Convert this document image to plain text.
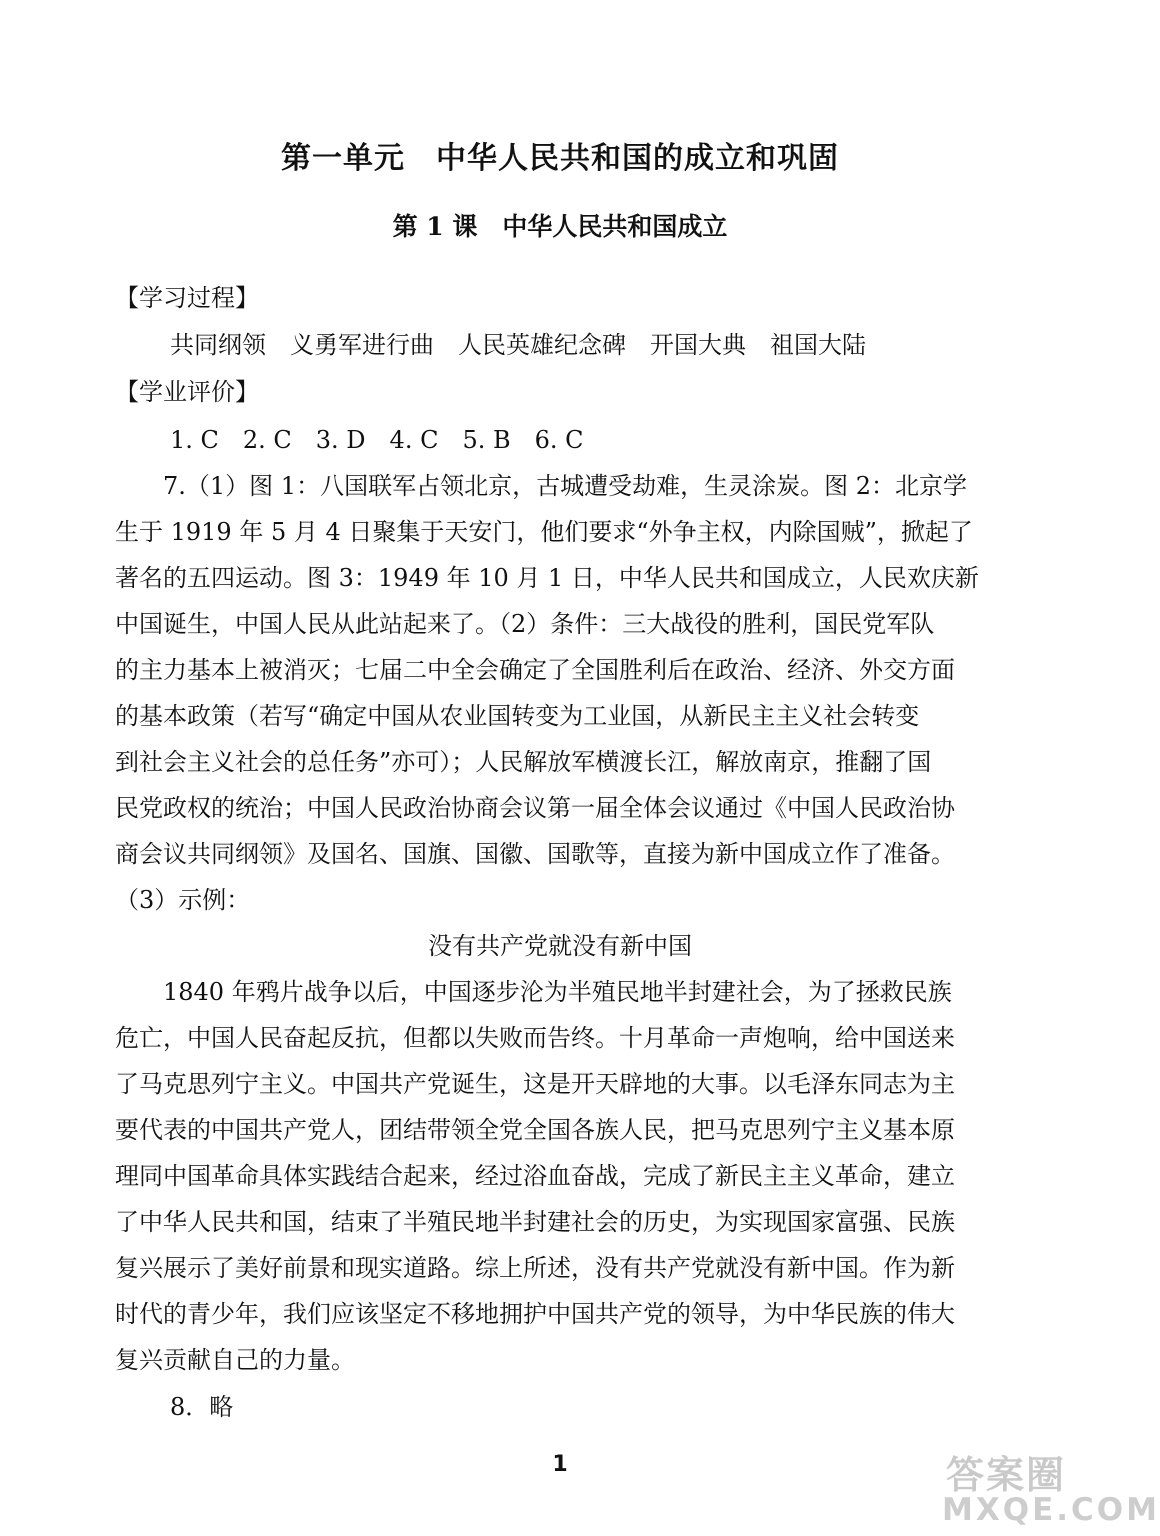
第一单元　中华人民共和国的成立和巩固
第 1 课　中华人民共和国成立
【学习过程】
共同纲领　义勇军进行曲　人民英雄纪念碑　开国大典　祖国大陆
【学业评价】
1. C　2. C　3. D　4. C　5. B　6. C
　　7.（1）图 1：八国联军占领北京，古城遭受劫难，生灵涂炭。图 2：北京学
生于 1919 年 5 月 4 日聚集于天安门，他们要求“外争主权，内除国贼”，掀起了
著名的五四运动。图 3：1949 年 10 月 1 日，中华人民共和国成立，人民欢庆新
中国诞生，中国人民从此站起来了。（2）条件：三大战役的胜利，国民党军队
的主力基本上被消灭；七届二中全会确定了全国胜利后在政治、经济、外交方面
的基本政策（若写“确定中国从农业国转变为工业国，从新民主主义社会转变
到社会主义社会的总任务”亦可）；人民解放军横渡长江，解放南京，推翻了国
民党政权的统治；中国人民政治协商会议第一届全体会议通过《中国人民政治协
商会议共同纲领》及国名、国旗、国徽、国歌等，直接为新中国成立作了准备。
（3）示例：
没有共产党就没有新中国
　　1840 年鸦片战争以后，中国逐步沦为半殖民地半封建社会，为了拯救民族
危亡，中国人民奋起反抗，但都以失败而告终。十月革命一声炮响，给中国送来
了马克思列宁主义。中国共产党诞生，这是开天辟地的大事。以毛泽东同志为主
要代表的中国共产党人，团结带领全党全国各族人民，把马克思列宁主义基本原
理同中国革命具体实践结合起来，经过浴血奋战，完成了新民主主义革命，建立
了中华人民共和国，结束了半殖民地半封建社会的历史，为实现国家富强、民族
复兴展示了美好前景和现实道路。综上所述，没有共产党就没有新中国。作为新
时代的青少年，我们应该坚定不移地拥护中国共产党的领导，为中华民族的伟大
复兴贡献自己的力量。
8．略
1	答案圈
MXQE.COM
